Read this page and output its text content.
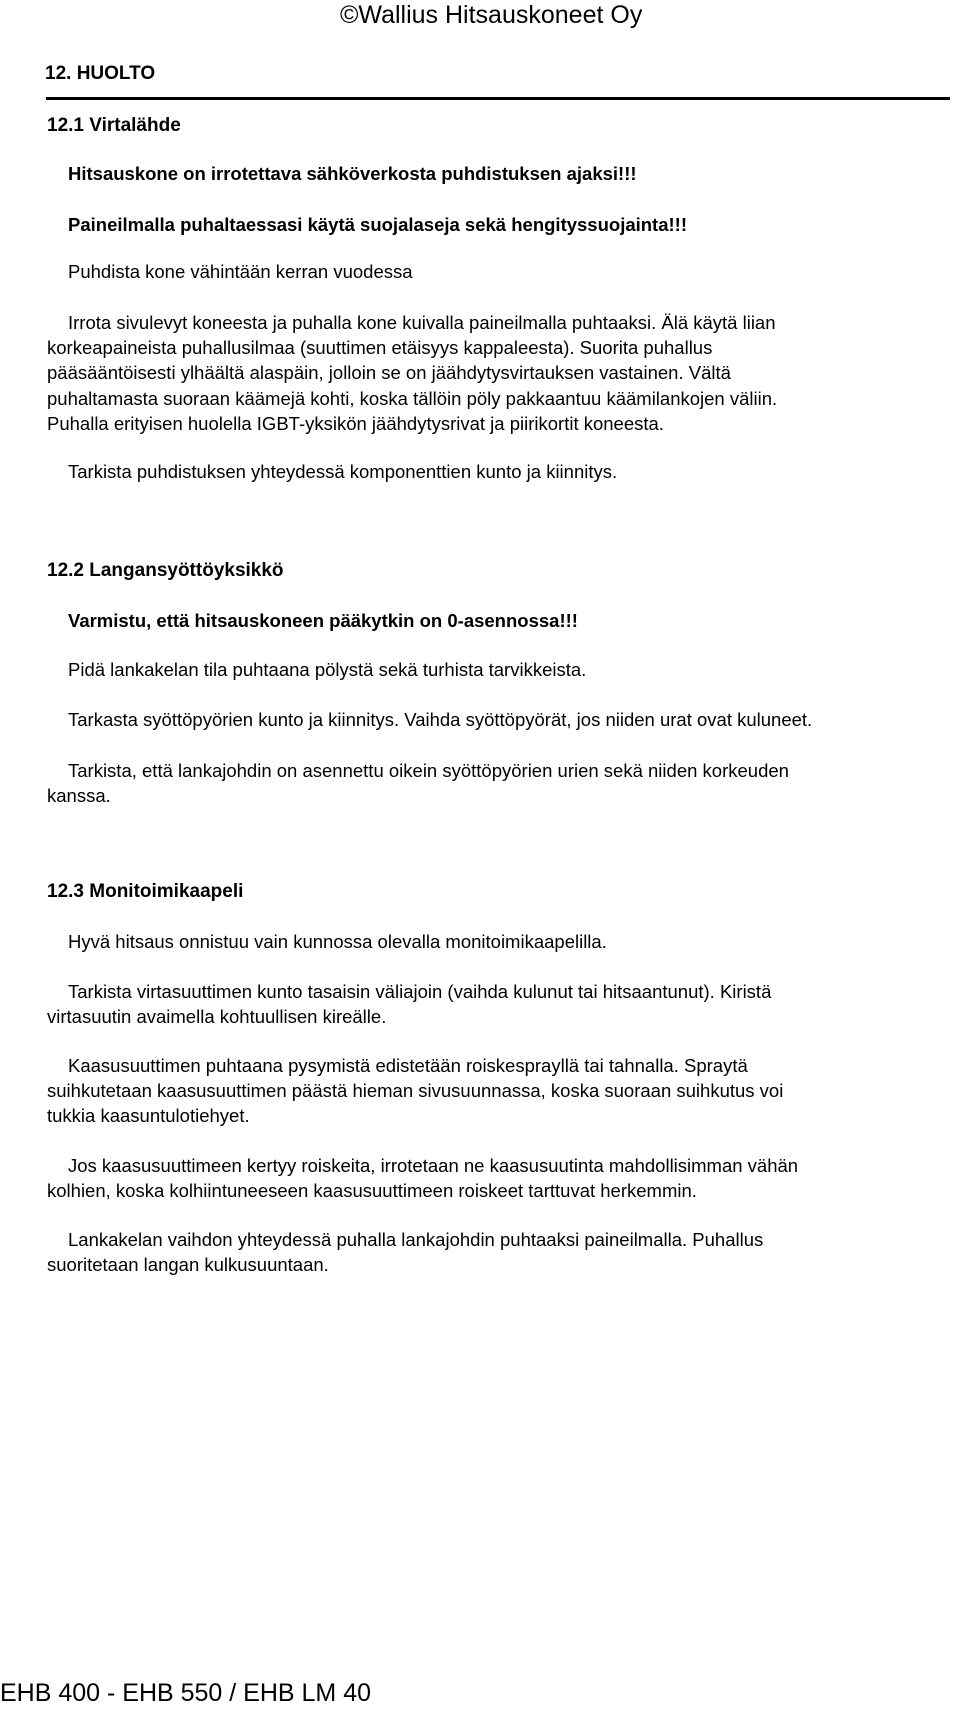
©Wallius Hitsauskoneet Oy
12. HUOLTO
12.1 Virtalähde
Hitsauskone on irrotettava sähköverkosta puhdistuksen ajaksi!!!
Paineilmalla puhaltaessasi käytä suojalaseja sekä hengityssuojainta!!!
Puhdista kone vähintään kerran vuodessa
Irrota sivulevyt koneesta ja puhalla kone kuivalla paineilmalla puhtaaksi. Älä käytä liian
korkeapaineista puhallusilmaa (suuttimen etäisyys kappaleesta). Suorita puhallus
pääsääntöisesti ylhäältä alaspäin, jolloin se on jäähdytysvirtauksen vastainen. Vältä
puhaltamasta suoraan käämejä kohti, koska tällöin pöly pakkaantuu käämilankojen väliin.
Puhalla erityisen huolella IGBT-yksikön jäähdytysrivat ja piirikortit koneesta.
Tarkista puhdistuksen yhteydessä komponenttien kunto ja kiinnitys.
12.2 Langansyöttöyksikkö
Varmistu, että hitsauskoneen pääkytkin on 0-asennossa!!!
Pidä lankakelan tila puhtaana pölystä sekä turhista tarvikkeista.
Tarkasta syöttöpyörien kunto ja kiinnitys. Vaihda syöttöpyörät, jos niiden urat ovat kuluneet.
Tarkista, että lankajohdin on asennettu oikein syöttöpyörien urien sekä niiden korkeuden
kanssa.
12.3 Monitoimikaapeli
Hyvä hitsaus onnistuu vain kunnossa olevalla monitoimikaapelilla.
Tarkista virtasuuttimen kunto tasaisin väliajoin (vaihda kulunut tai hitsaantunut). Kiristä
virtasuutin avaimella kohtuullisen kireälle.
Kaasusuuttimen puhtaana pysymistä edistetään roiskesprayllä tai tahnalla. Spraytä
suihkutetaan kaasusuuttimen päästä hieman sivusuunnassa, koska suoraan suihkutus voi
tukkia kaasuntulotiehyet.
Jos kaasusuuttimeen kertyy roiskeita, irrotetaan ne kaasusuutinta mahdollisimman vähän
kolhien, koska kolhiintuneeseen kaasusuuttimeen roiskeet tarttuvat herkemmin.
Lankakelan vaihdon yhteydessä puhalla lankajohdin puhtaaksi paineilmalla. Puhallus
suoritetaan langan kulkusuuntaan.
EHB 400 - EHB 550 / EHB LM 40
